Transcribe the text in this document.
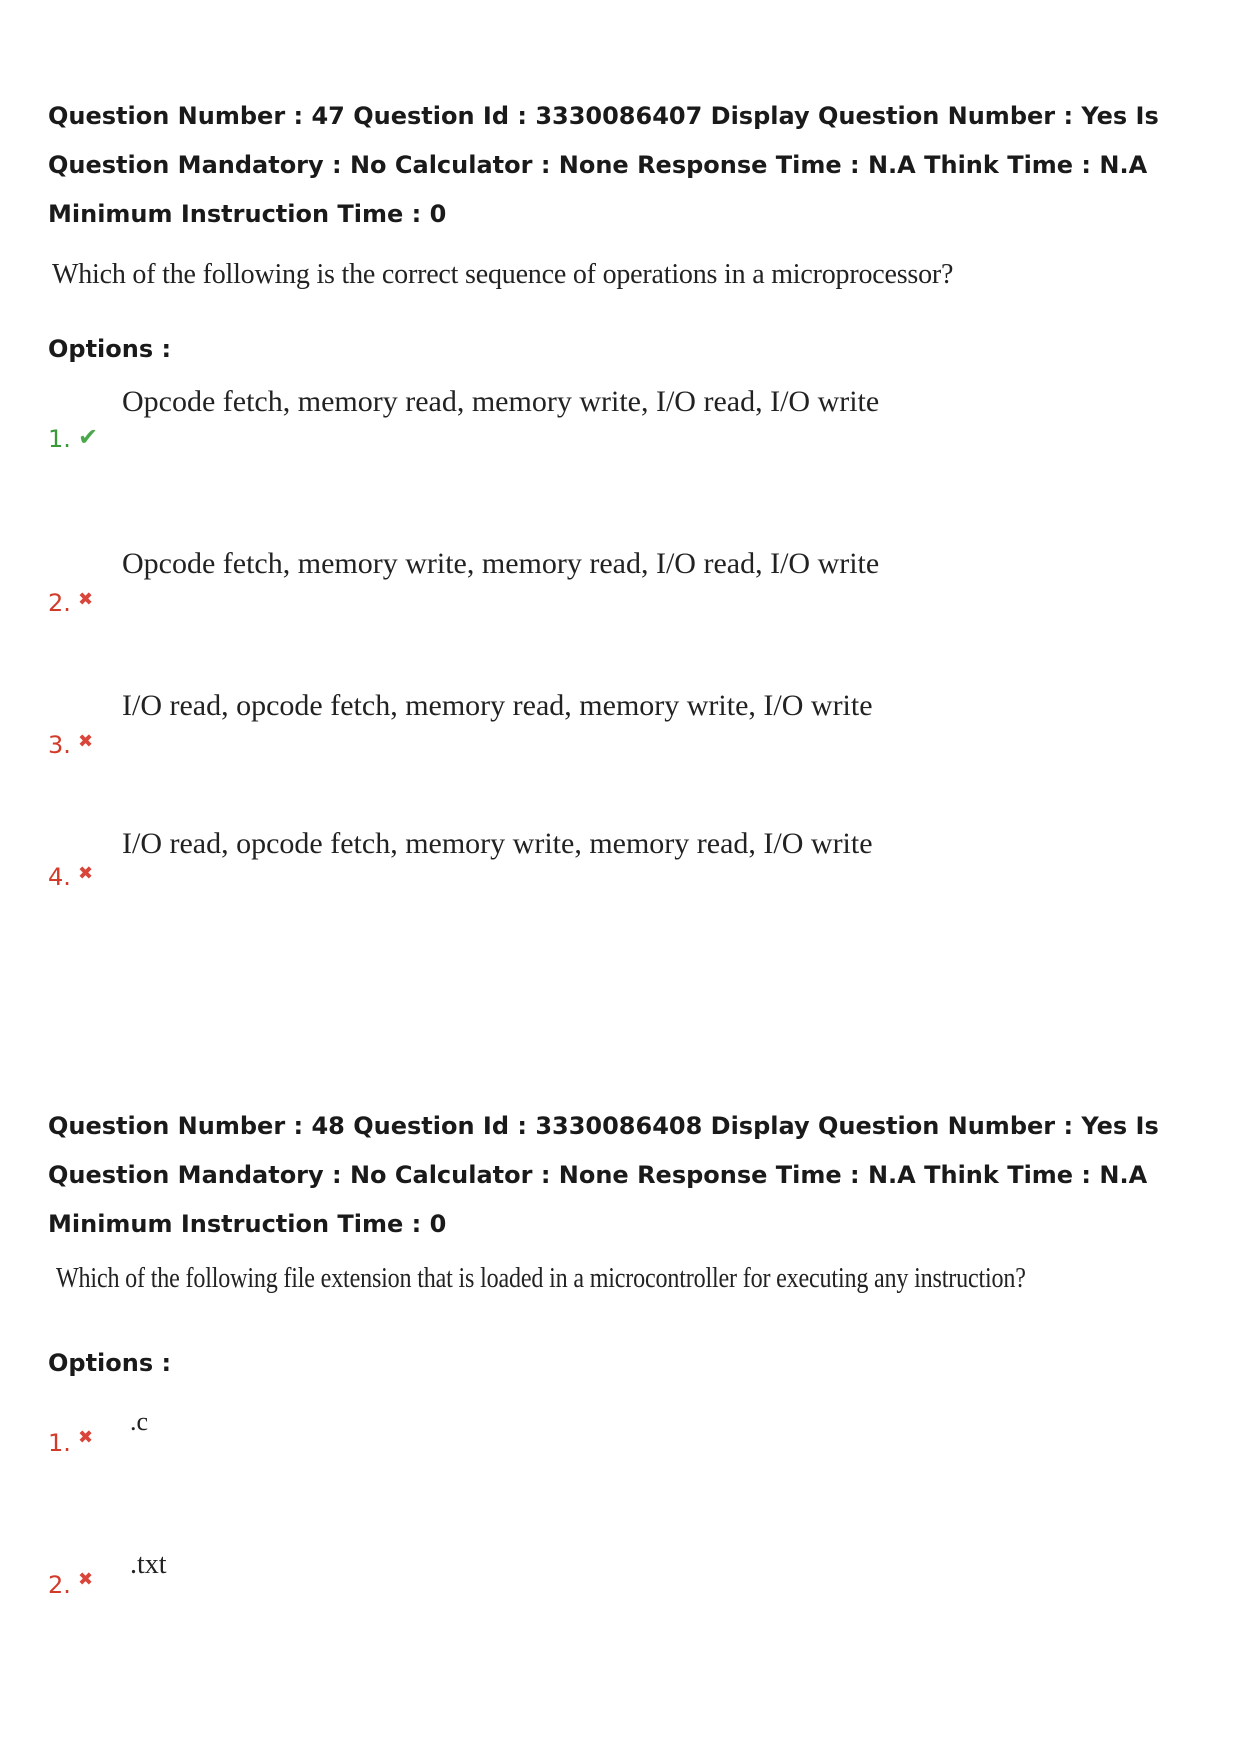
Question Number : 47 Question Id : 3330086407 Display Question Number : Yes Is Question Mandatory : No Calculator : None Response Time : N.A Think Time : N.A Minimum Instruction Time : 0

Which of the following is the correct sequence of operations in a microprocessor?

Options :

Opcode fetch, memory read, memory write, I/O read, I/O write
1. ✔
Opcode fetch, memory write, memory read, I/O read, I/O write
2. ✖
I/O read, opcode fetch, memory read, memory write, I/O write
3. ✖
I/O read, opcode fetch, memory write, memory read, I/O write
4. ✖

Question Number : 48 Question Id : 3330086408 Display Question Number : Yes Is Question Mandatory : No Calculator : None Response Time : N.A Think Time : N.A Minimum Instruction Time : 0

Which of the following file extension that is loaded in a microcontroller for executing any instruction?

Options :

.c
1. ✖
.txt
2. ✖
